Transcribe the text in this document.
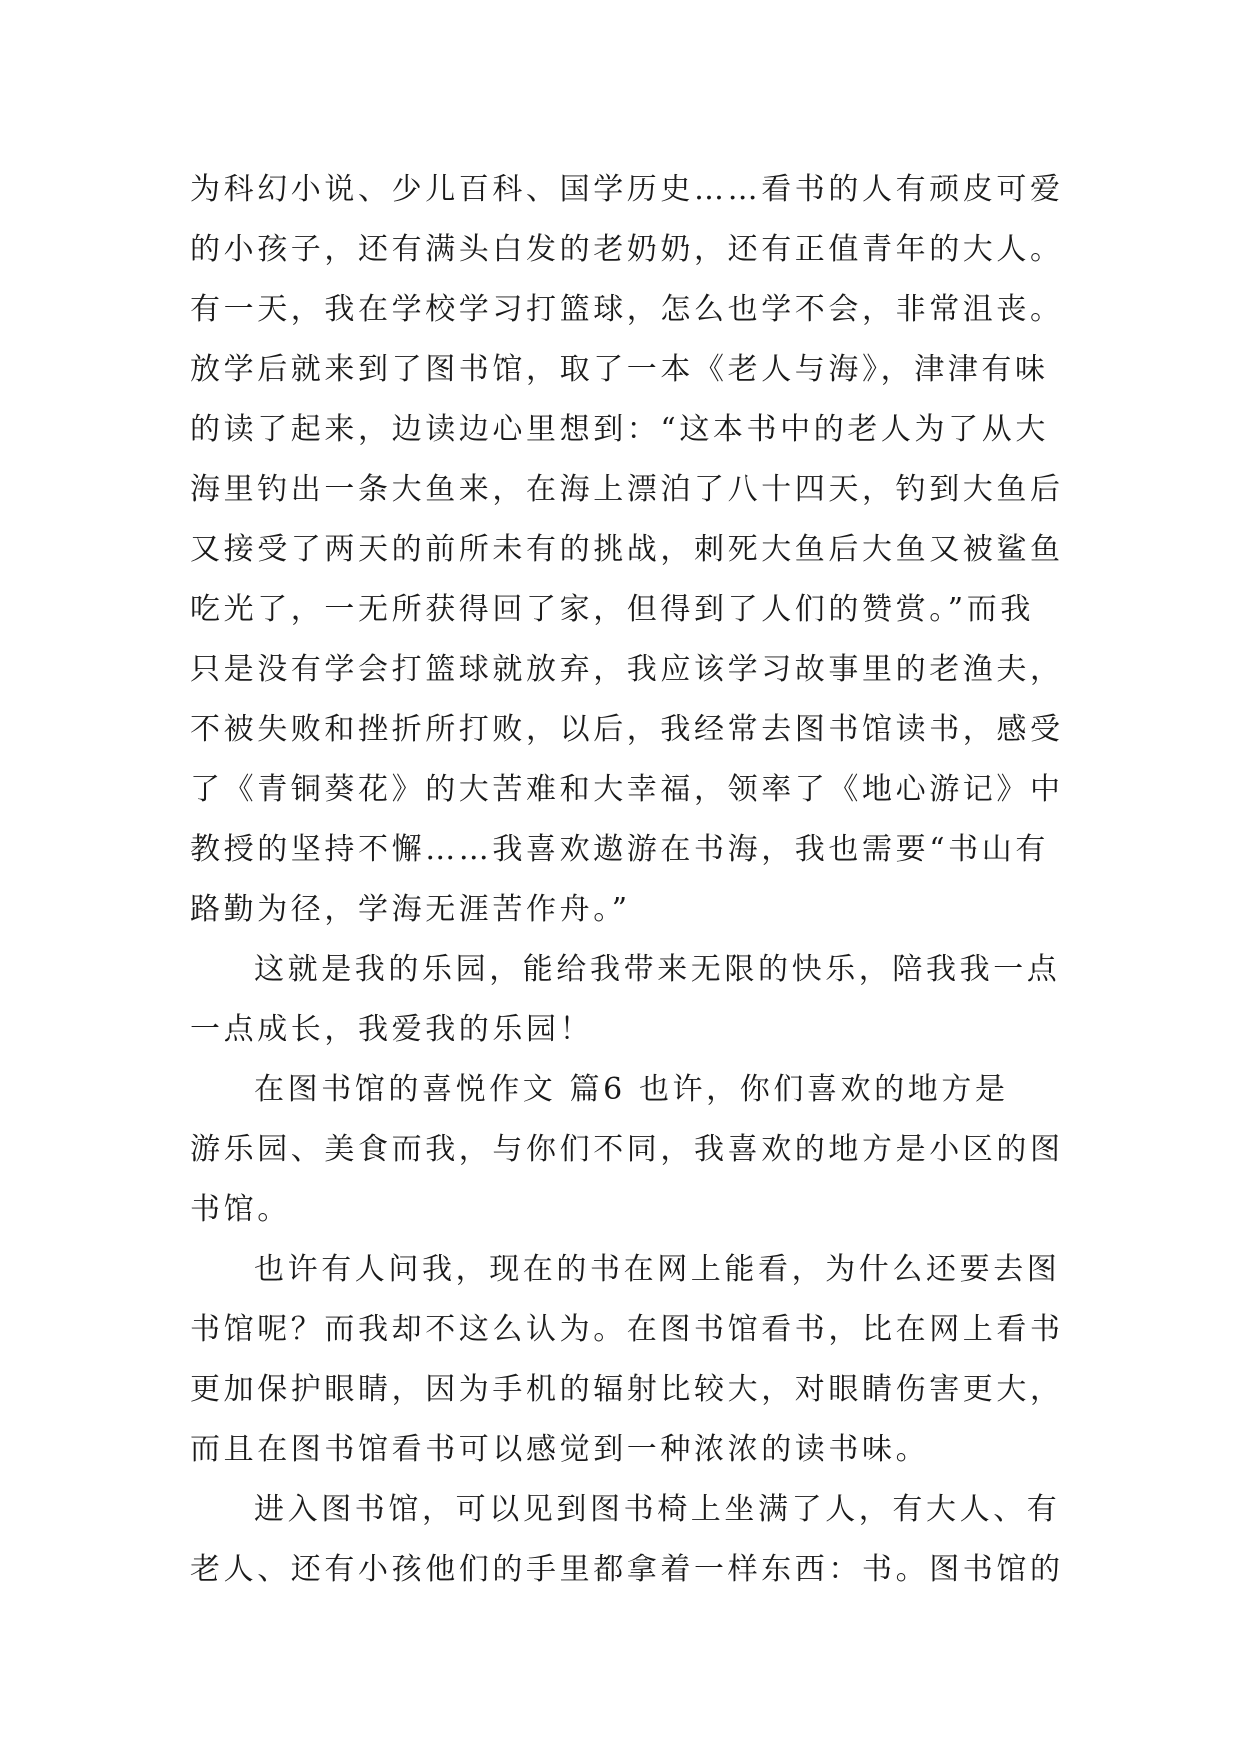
为科幻小说、少儿百科、国学历史……看书的人有顽皮可爱
的小孩子，还有满头白发的老奶奶，还有正值青年的大人。
有一天，我在学校学习打篮球，怎么也学不会，非常沮丧。
放学后就来到了图书馆，取了一本《老人与海》，津津有味
的读了起来，边读边心里想到：“这本书中的老人为了从大
海里钓出一条大鱼来，在海上漂泊了八十四天，钓到大鱼后
又接受了两天的前所未有的挑战，刺死大鱼后大鱼又被鲨鱼
吃光了，一无所获得回了家，但得到了人们的赞赏。”而我
只是没有学会打篮球就放弃，我应该学习故事里的老渔夫，
不被失败和挫折所打败，以后，我经常去图书馆读书，感受
了《青铜葵花》的大苦难和大幸福，领率了《地心游记》中
教授的坚持不懈……我喜欢遨游在书海，我也需要“书山有
路勤为径，学海无涯苦作舟。”
这就是我的乐园，能给我带来无限的快乐，陪我我一点
一点成长，我爱我的乐园！
在图书馆的喜悦作文 篇6 也许，你们喜欢的地方是
游乐园、美食而我，与你们不同，我喜欢的地方是小区的图
书馆。
也许有人问我，现在的书在网上能看，为什么还要去图
书馆呢？而我却不这么认为。在图书馆看书，比在网上看书
更加保护眼睛，因为手机的辐射比较大，对眼睛伤害更大，
而且在图书馆看书可以感觉到一种浓浓的读书味。
进入图书馆，可以见到图书椅上坐满了人，有大人、有
老人、还有小孩他们的手里都拿着一样东西：书。图书馆的
